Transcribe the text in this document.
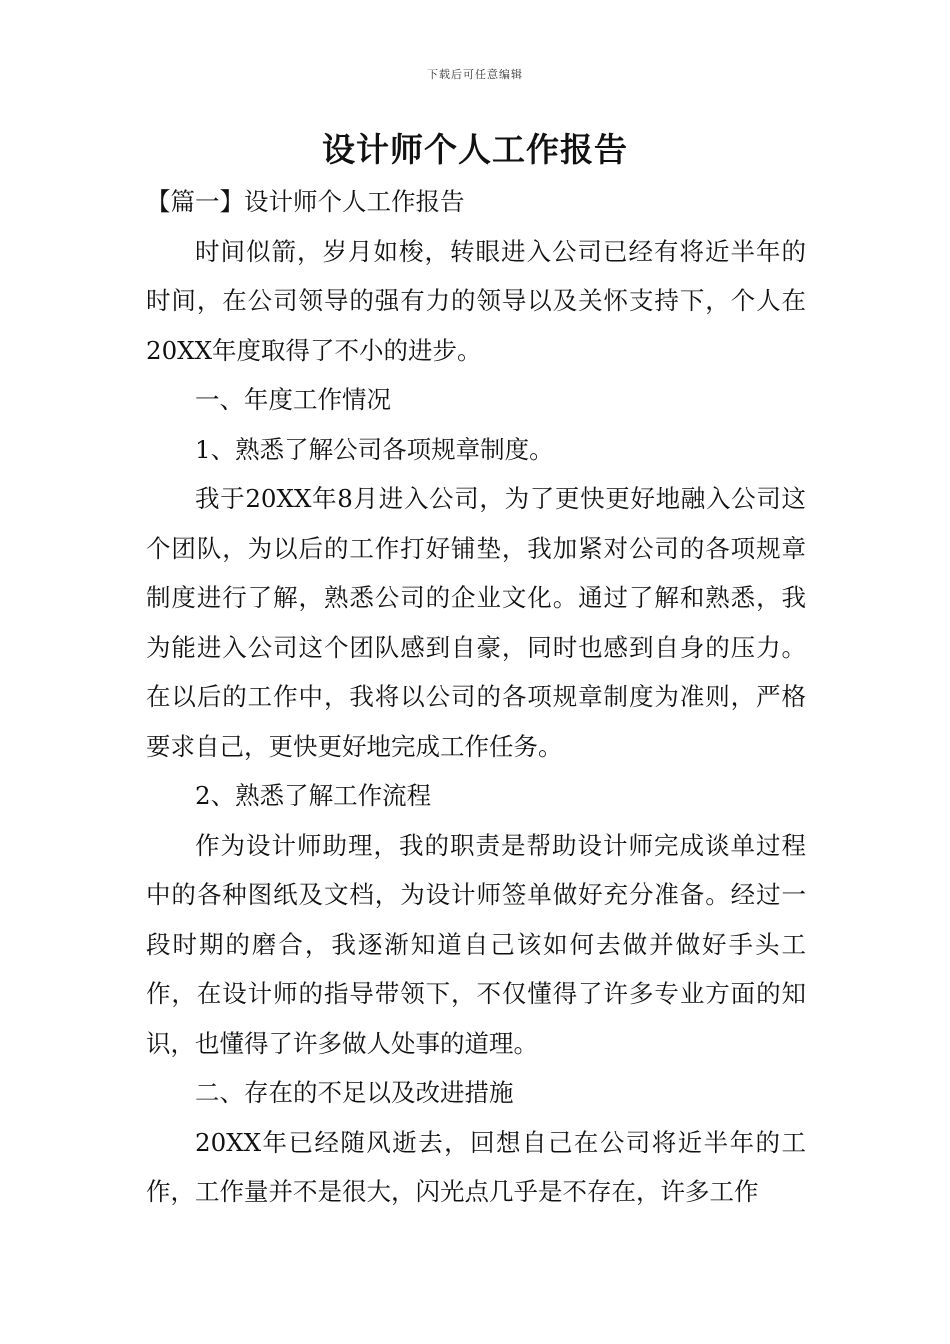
下载后可任意编辑
设计师个人工作报告

【篇一】设计师个人工作报告

时间似箭，岁月如梭，转眼进入公司已经有将近半年的时间，在公司领导的强有力的领导以及关怀支持下，个人在20XX年度取得了不小的进步。

一、年度工作情况

1、熟悉了解公司各项规章制度。

我于20XX年8月进入公司，为了更快更好地融入公司这个团队，为以后的工作打好铺垫，我加紧对公司的各项规章制度进行了解，熟悉公司的企业文化。通过了解和熟悉，我为能进入公司这个团队感到自豪，同时也感到自身的压力。在以后的工作中，我将以公司的各项规章制度为准则，严格要求自己，更快更好地完成工作任务。

2、熟悉了解工作流程

作为设计师助理，我的职责是帮助设计师完成谈单过程中的各种图纸及文档，为设计师签单做好充分准备。经过一段时期的磨合，我逐渐知道自己该如何去做并做好手头工作，在设计师的指导带领下，不仅懂得了许多专业方面的知识，也懂得了许多做人处事的道理。

二、存在的不足以及改进措施

20XX年已经随风逝去，回想自己在公司将近半年的工作，工作量并不是很大，闪光点几乎是不存在，许多工作
